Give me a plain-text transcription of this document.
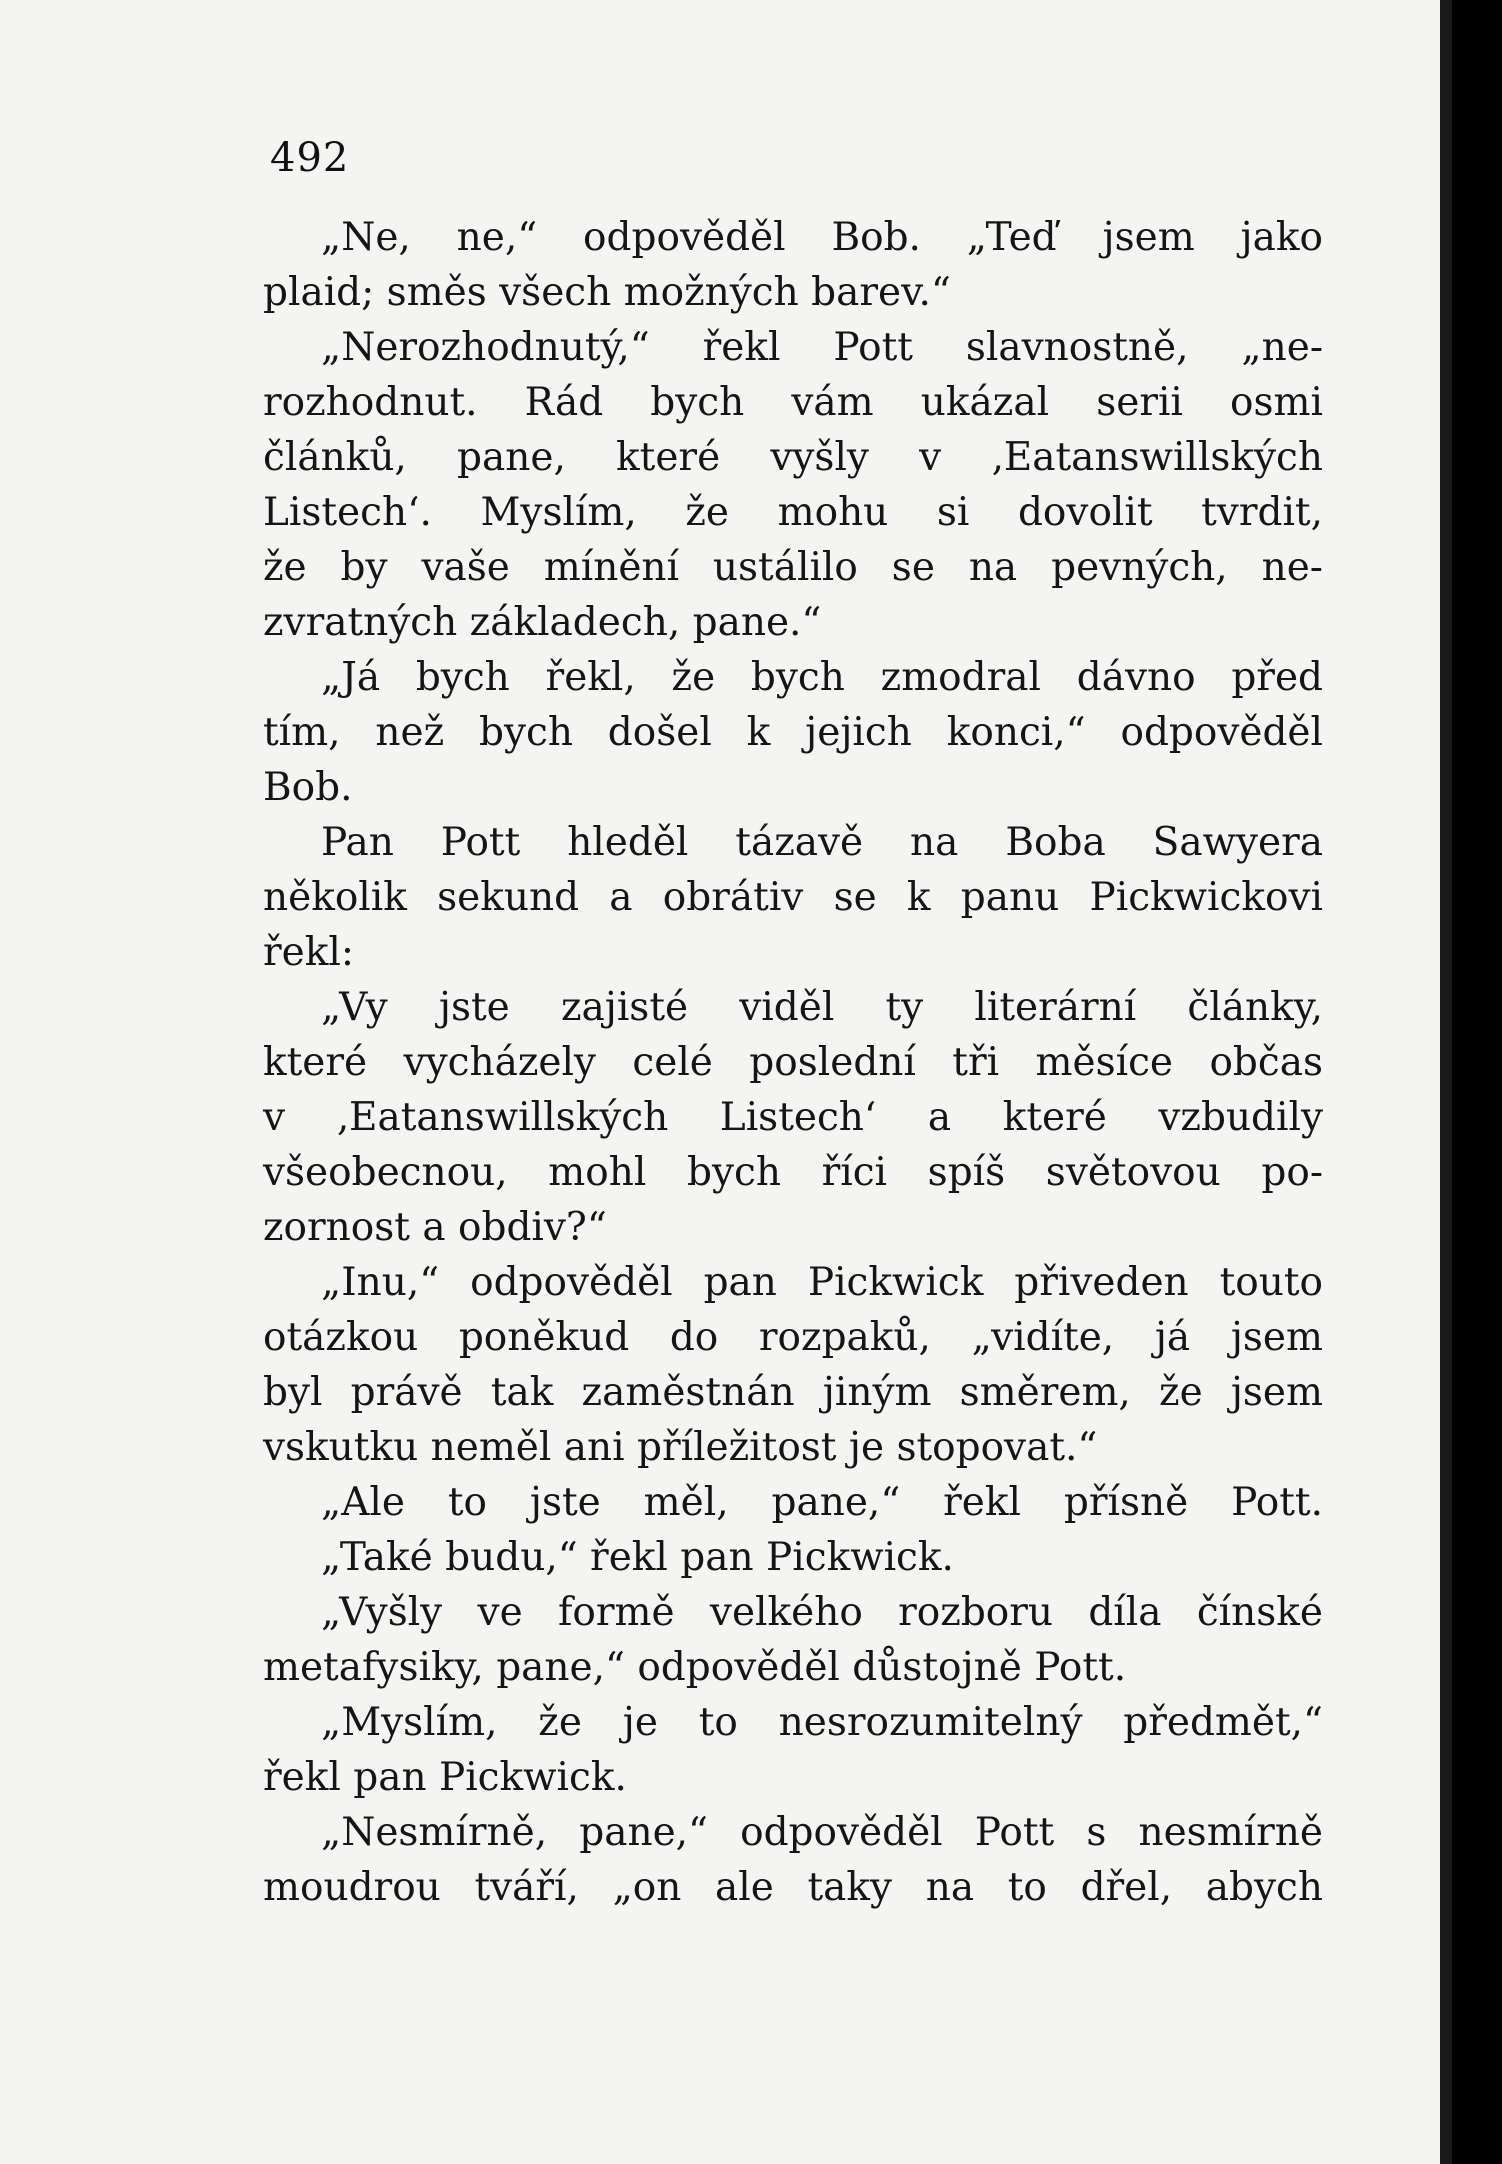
492
„Ne, ne,“ odpověděl Bob. „Teď jsem jako
plaid; směs všech možných barev.“
„Nerozhodnutý,“ řekl Pott slavnostně, „ne-
rozhodnut. Rád bych vám ukázal serii osmi
článků, pane, které vyšly v ‚Eatanswillských
Listech‘. Myslím, že mohu si dovolit tvrdit,
že by vaše mínění ustálilo se na pevných, ne-
zvratných základech, pane.“
„Já bych řekl, že bych zmodral dávno před
tím, než bych došel k jejich konci,“ odpověděl
Bob.
Pan Pott hleděl tázavě na Boba Sawyera
několik sekund a obrátiv se k panu Pickwickovi
řekl:
„Vy jste zajisté viděl ty literární články,
které vycházely celé poslední tři měsíce občas
v ‚Eatanswillských Listech‘ a které vzbudily
všeobecnou, mohl bych říci spíš světovou po-
zornost a obdiv?“
„Inu,“ odpověděl pan Pickwick přiveden touto
otázkou poněkud do rozpaků, „vidíte, já jsem
byl právě tak zaměstnán jiným směrem, že jsem
vskutku neměl ani příležitost je stopovat.“
„Ale to jste měl, pane,“ řekl přísně Pott.
„Také budu,“ řekl pan Pickwick.
„Vyšly ve formě velkého rozboru díla čínské
metafysiky, pane,“ odpověděl důstojně Pott.
„Myslím, že je to nesrozumitelný předmět,“
řekl pan Pickwick.
„Nesmírně, pane,“ odpověděl Pott s nesmírně
moudrou tváří, „on ale taky na to dřel, abych
